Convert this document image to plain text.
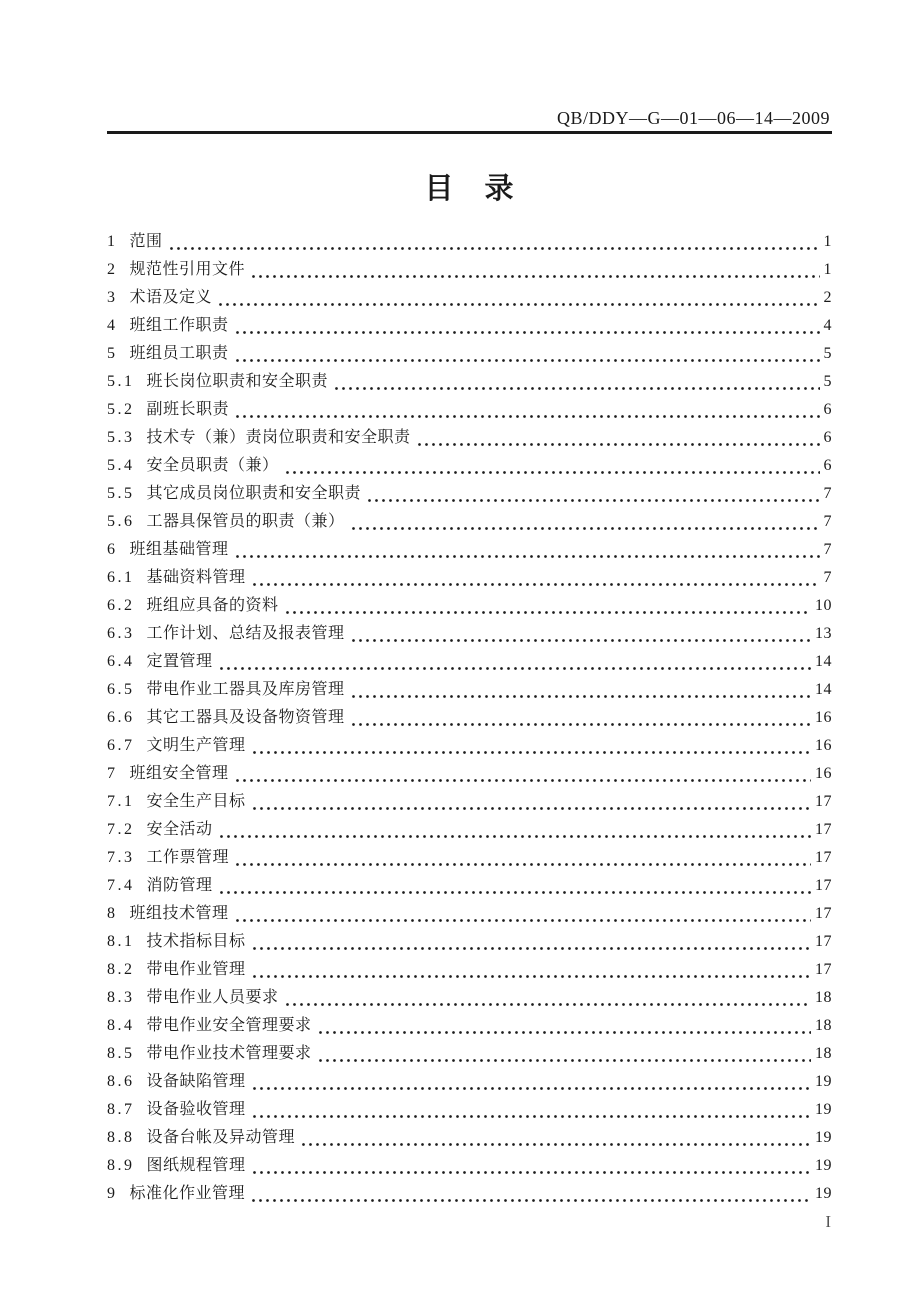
QB/DDY—G—01—06—14—2009
目　录
1 范围	1
2 规范性引用文件	1
3 术语及定义	2
4 班组工作职责	4
5 班组员工职责	5
5.1 班长岗位职责和安全职责	5
5.2 副班长职责	6
5.3 技术专（兼）责岗位职责和安全职责	6
5.4 安全员职责（兼）	6
5.5 其它成员岗位职责和安全职责	7
5.6 工器具保管员的职责（兼）	7
6 班组基础管理	7
6.1 基础资料管理	7
6.2 班组应具备的资料	10
6.3 工作计划、总结及报表管理	13
6.4 定置管理	14
6.5 带电作业工器具及库房管理	14
6.6 其它工器具及设备物资管理	16
6.7 文明生产管理	16
7 班组安全管理	16
7.1 安全生产目标	17
7.2 安全活动	17
7.3 工作票管理	17
7.4 消防管理	17
8 班组技术管理	17
8.1 技术指标目标	17
8.2 带电作业管理	17
8.3 带电作业人员要求	18
8.4 带电作业安全管理要求	18
8.5 带电作业技术管理要求	18
8.6 设备缺陷管理	19
8.7 设备验收管理	19
8.8 设备台帐及异动管理	19
8.9 图纸规程管理	19
9 标准化作业管理	19
I
